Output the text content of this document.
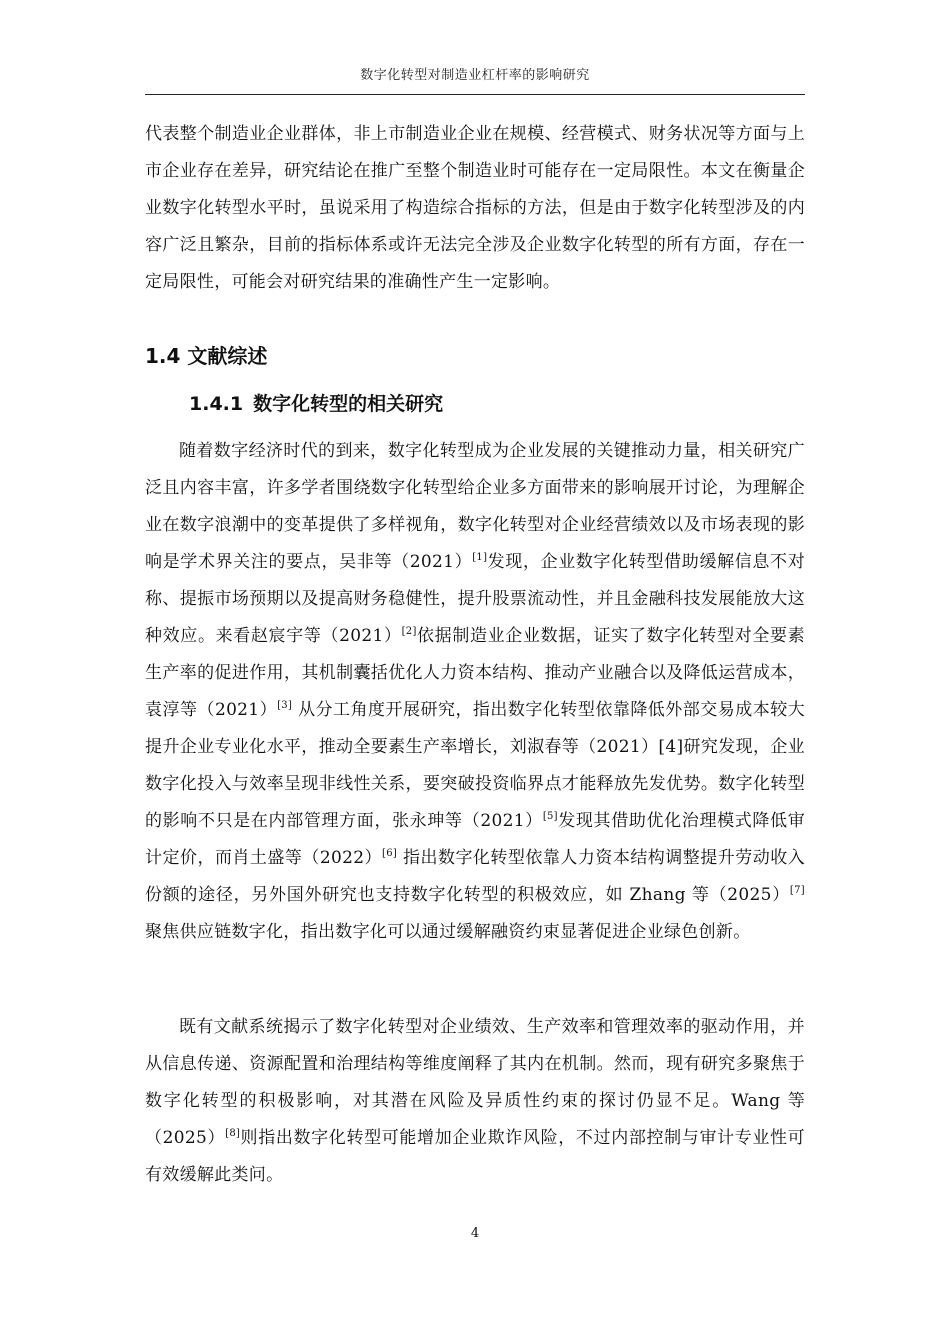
数字化转型对制造业杠杆率的影响研究

代表整个制造业企业群体，非上市制造业企业在规模、经营模式、财务状况等方面与上市企业存在差异，研究结论在推广至整个制造业时可能存在一定局限性。本文在衡量企业数字化转型水平时，虽说采用了构造综合指标的方法，但是由于数字化转型涉及的内容广泛且繁杂，目前的指标体系或许无法完全涉及企业数字化转型的所有方面，存在一定局限性，可能会对研究结果的准确性产生一定影响。

1.4 文献综述
1.4.1 数字化转型的相关研究

随着数字经济时代的到来，数字化转型成为企业发展的关键推动力量，相关研究广泛且内容丰富，许多学者围绕数字化转型给企业多方面带来的影响展开讨论，为理解企业在数字浪潮中的变革提供了多样视角，数字化转型对企业经营绩效以及市场表现的影响是学术界关注的要点，吴非等（2021）[1]发现，企业数字化转型借助缓解信息不对称、提振市场预期以及提高财务稳健性，提升股票流动性，并且金融科技发展能放大这种效应。来看赵宸宇等（2021）[2]依据制造业企业数据，证实了数字化转型对全要素生产率的促进作用，其机制囊括优化人力资本结构、推动产业融合以及降低运营成本，袁淳等（2021）[3] 从分工角度开展研究，指出数字化转型依靠降低外部交易成本较大提升企业专业化水平，推动全要素生产率增长，刘淑春等（2021）[4]研究发现，企业数字化投入与效率呈现非线性关系，要突破投资临界点才能释放先发优势。数字化转型的影响不只是在内部管理方面，张永珅等（2021）[5]发现其借助优化治理模式降低审计定价，而肖土盛等（2022）[6] 指出数字化转型依靠人力资本结构调整提升劳动收入份额的途径，另外国外研究也支持数字化转型的积极效应，如 Zhang 等（2025）[7]聚焦供应链数字化，指出数字化可以通过缓解融资约束显著促进企业绿色创新。

既有文献系统揭示了数字化转型对企业绩效、生产效率和管理效率的驱动作用，并从信息传递、资源配置和治理结构等维度阐释了其内在机制。然而，现有研究多聚焦于数字化转型的积极影响，对其潜在风险及异质性约束的探讨仍显不足。Wang 等（2025）[8]则指出数字化转型可能增加企业欺诈风险，不过内部控制与审计专业性可有效缓解此类问。

4
